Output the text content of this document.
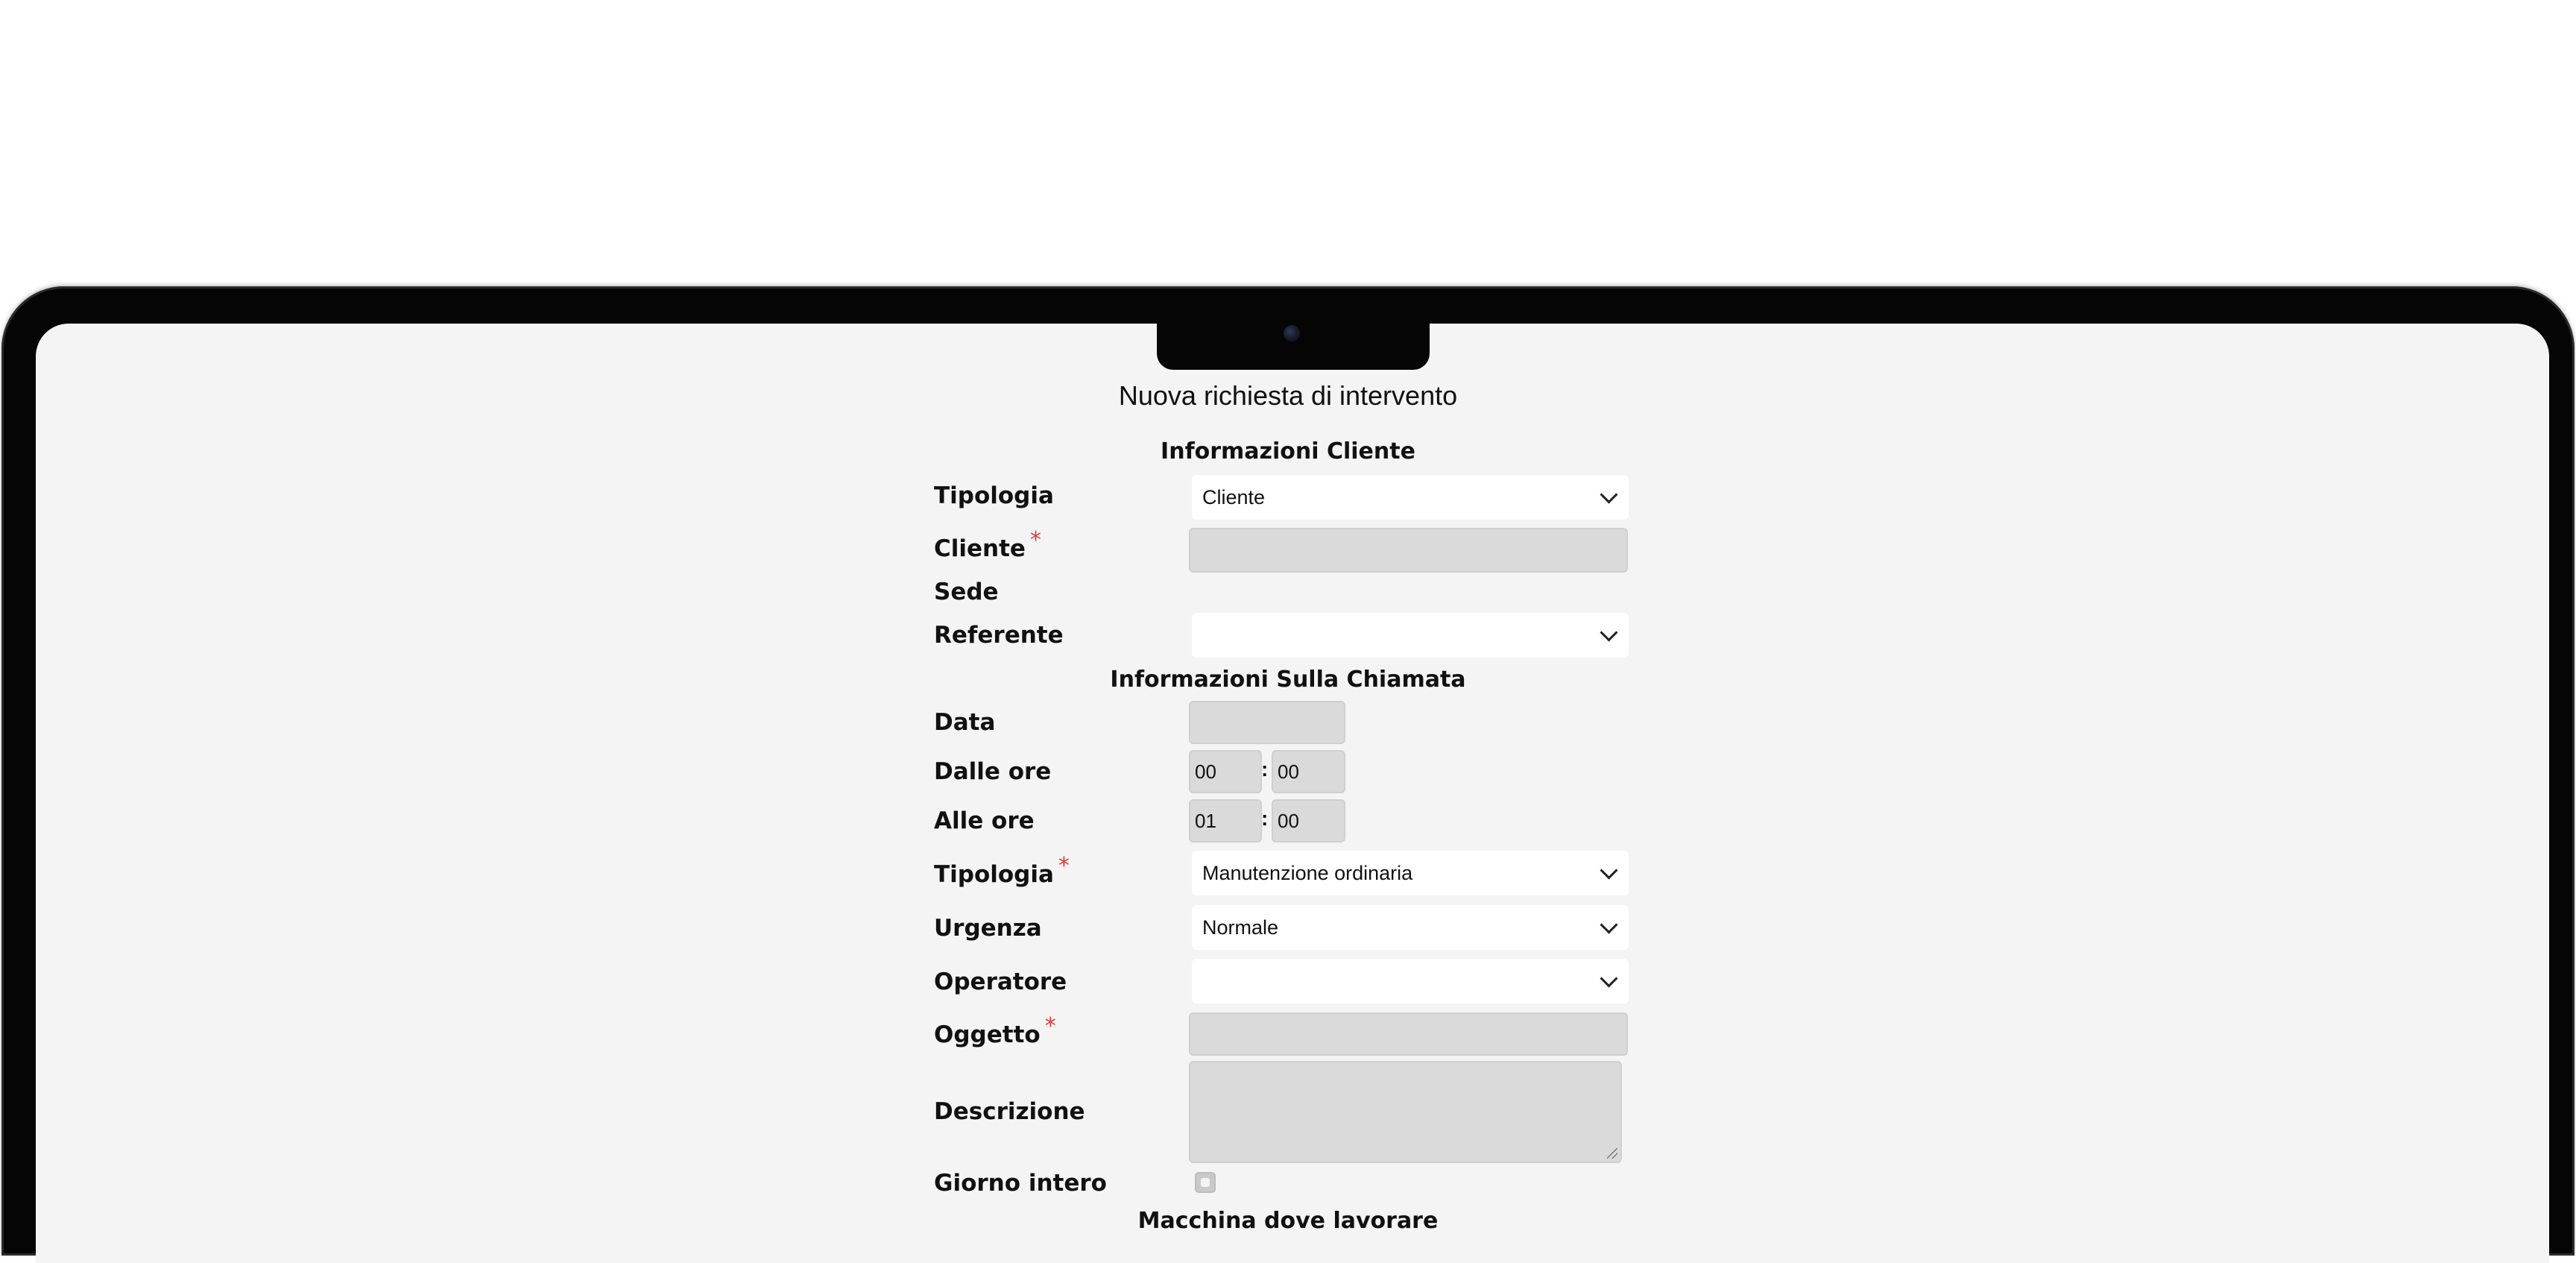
Nuova richiesta di intervento
Informazioni Cliente
Tipologia	Cliente
Cliente *
Sede
Referente
Informazioni Sulla Chiamata
Data
Dalle ore	00	: 00
Alle ore	01	: 00
Tipologia *	Manutenzione ordinaria
Urgenza	Normale
Operatore
Oggetto *
Descrizione
Giorno intero
Macchina dove lavorare
